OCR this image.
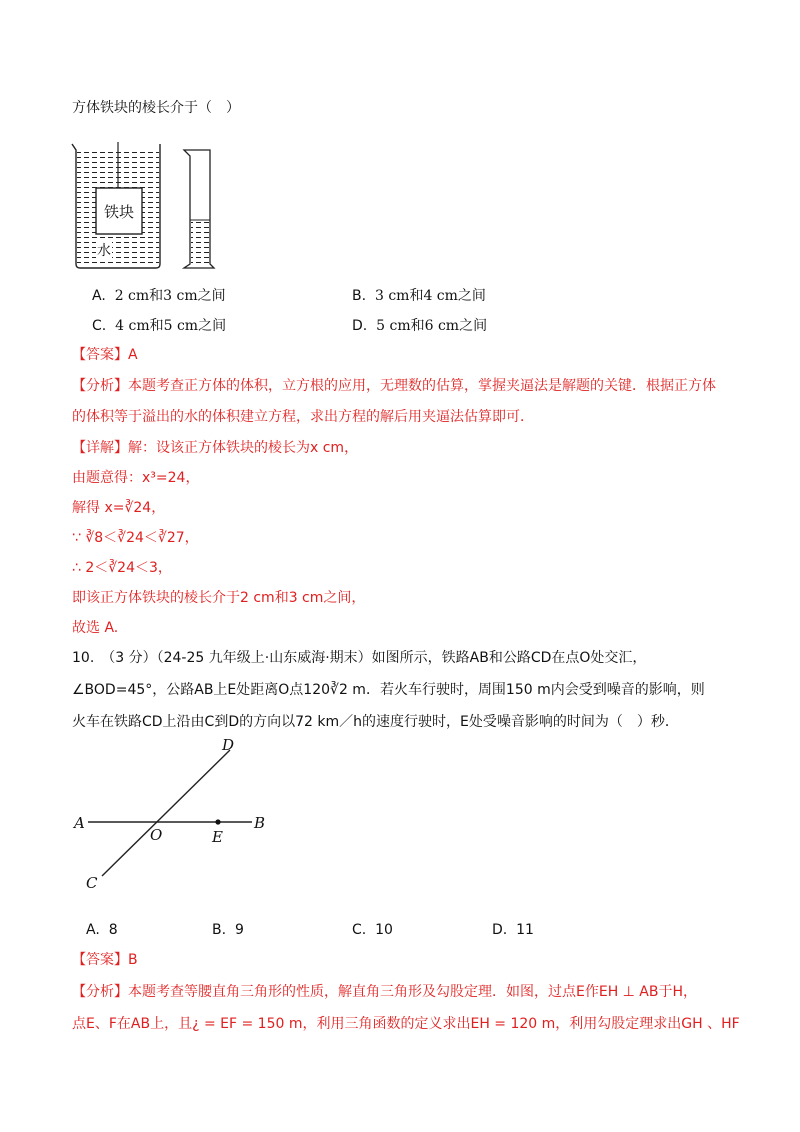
方体铁块的棱长介于（　）
铁块
水
A. 2 cm和3 cm之间	B. 3 cm和4 cm之间
C. 4 cm和5 cm之间	D. 5 cm和6 cm之间
【答案】A
【分析】本题考查正方体的体积，立方根的应用，无理数的估算，掌握夹逼法是解题的关键．根据正方体
的体积等于溢出的水的体积建立方程，求出方程的解后用夹逼法估算即可．
【详解】解：设该正方体铁块的棱长为x cm，
由题意得：x³=24，
解得 x=∛24，
∵ ∛8＜∛24＜∛27，
∴ 2＜∛24＜3，
即该正方体铁块的棱长介于2 cm和3 cm之间，
故选 A.
10.　（3 分）（24-25 九年级上·山东威海·期末）如图所示，铁路AB和公路CD在点O处交汇，
∠BOD=45°，公路AB上E处距离O点120∛2 m．若火车行驶时，周围150 m内会受到噪音的影响，则
火车在铁路CD上沿由C到D的方向以72 km／h的速度行驶时，E处受噪音影响的时间为（　）秒．
A	B
C
D
O	E
A. 8	B. 9	C. 10	D. 11
【答案】B
【分析】本题考查等腰直角三角形的性质，解直角三角形及勾股定理．如图，过点E作EH ⊥ AB于H，
点E、F在AB上，且¿ = EF = 150 m，利用三角函数的定义求出EH = 120 m，利用勾股定理求出GH 、HF
